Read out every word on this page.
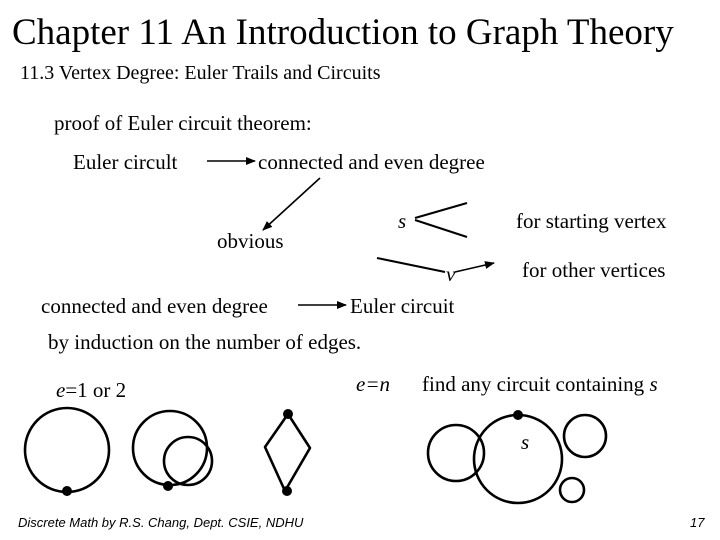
Chapter 11 An Introduction to Graph Theory
11.3 Vertex Degree: Euler Trails and Circuits
proof of Euler circuit theorem:
Euler circult	connected and even degree
s	for starting vertex
obvious
v	for other vertices
connected and even degree	Euler circuit
by induction on the number of edges.
e=1 or 2	e=n find any circuit containing s
s
Discrete Math by R.S. Chang, Dept. CSIE, NDHU	17
